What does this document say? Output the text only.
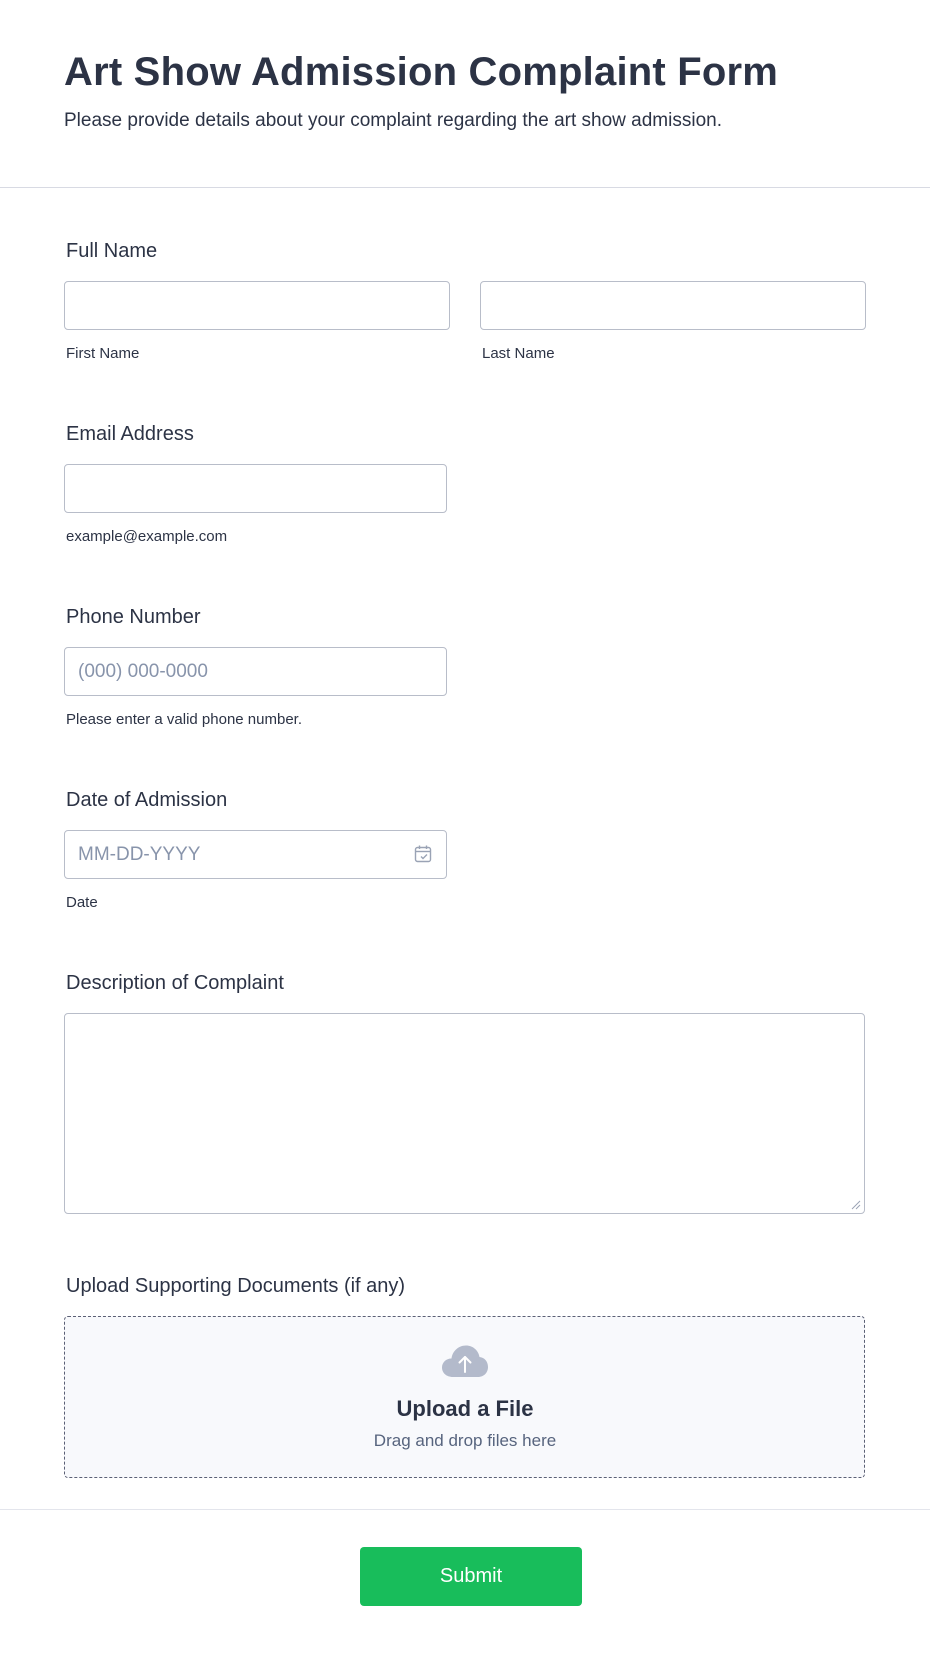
Art Show Admission Complaint Form

Please provide details about your complaint regarding the art show admission.

Full Name
First Name	Last Name
Email Address
example@example.com
Phone Number
(000) 000-0000
Please enter a valid phone number.
Date of Admission
MM-DD-YYYY
Date
Description of Complaint
Upload Supporting Documents (if any)
Upload a File
Drag and drop files here
Submit
